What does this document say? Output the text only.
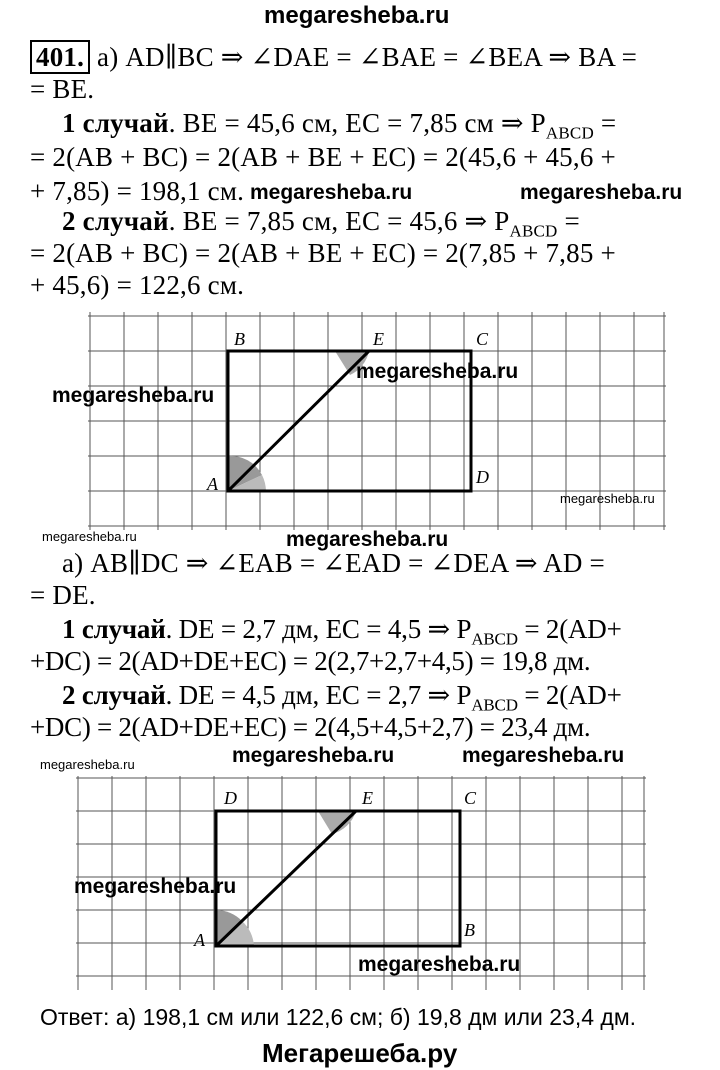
megaresheba.ru
401. а) AD∥BC ⇒ ∠DAE = ∠BAE = ∠BEA ⇒ BA =
= BE.
1 случай. BE = 45,6 см, EC = 7,85 см ⇒ $P_{ABCD}$ =
= 2(AB + BC) = 2(AB + BE + EC) = 2(45,6 + 45,6 +
+ 7,85) = 198,1 см.
2 случай. BE = 7,85 см, EC = 45,6 ⇒ $P_{ABCD}$ =
= 2(AB + BC) = 2(AB + BE + EC) = 2(7,85 + 7,85 +
+ 45,6) = 122,6 см.
B	E	C
D
A
а) AB∥DC ⇒ ∠EAB = ∠EAD = ∠DEA ⇒ AD =
= DE.
1 случай. DE = 2,7 дм, EC = 4,5 ⇒ $P_{ABCD} = 2(AD+$
+DC) = 2(AD+DE+EC) = 2(2,7+2,7+4,5) = 19,8 дм.
2 случай. DE = 4,5 дм, EC = 2,7 ⇒ $P_{ABCD} = 2(AD+$
+DC) = 2(AD+DE+EC) = 2(4,5+4,5+2,7) = 23,4 дм.
D	E	C
B
A
megaresheba.ru	megaresheba.ru
megaresheba.ru
megaresheba.ru
megaresheba.ru
megaresheba.ru	megaresheba.ru
megaresheba.ru	megaresheba.ru
megaresheba.ru
megaresheba.ru
megaresheba.ru
Ответ: а) 198,1 см или 122,6 см; б) 19,8 дм или 23,4 дм.
Мегарешеба.ру
